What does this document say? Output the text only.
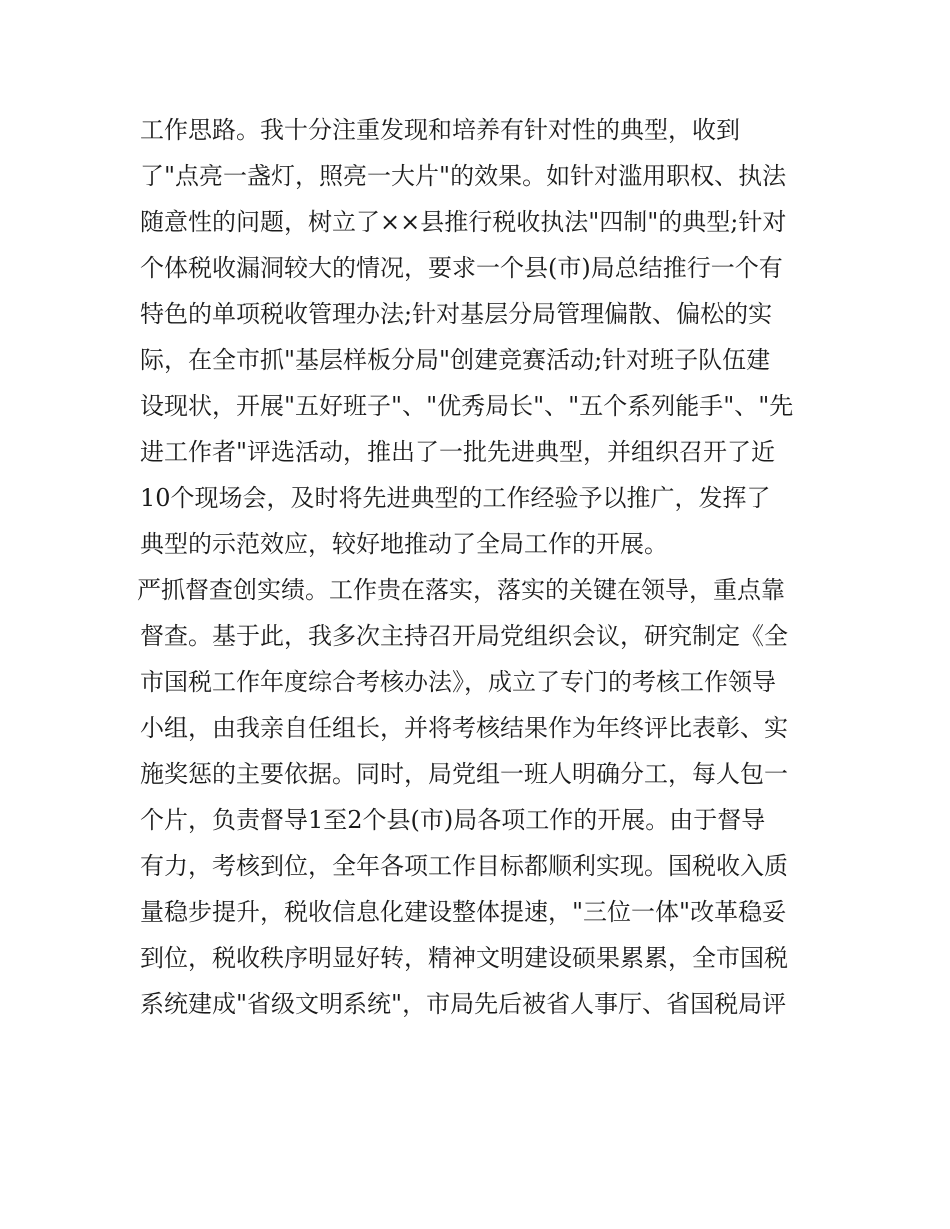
工作思路。我十分注重发现和培养有针对性的典型，收到
了"点亮一盏灯，照亮一大片"的效果。如针对滥用职权、执法
随意性的问题，树立了××县推行税收执法"四制"的典型;针对
个体税收漏洞较大的情况，要求一个县(市)局总结推行一个有
特色的单项税收管理办法;针对基层分局管理偏散、偏松的实
际，在全市抓"基层样板分局"创建竞赛活动;针对班子队伍建
设现状，开展"五好班子"、"优秀局长"、"五个系列能手"、"先
进工作者"评选活动，推出了一批先进典型，并组织召开了近
10个现场会，及时将先进典型的工作经验予以推广，发挥了
典型的示范效应，较好地推动了全局工作的开展。
严抓督查创实绩。工作贵在落实，落实的关键在领导，重点靠
督查。基于此，我多次主持召开局党组织会议，研究制定《全
市国税工作年度综合考核办法》，成立了专门的考核工作领导
小组，由我亲自任组长，并将考核结果作为年终评比表彰、实
施奖惩的主要依据。同时，局党组一班人明确分工，每人包一
个片，负责督导1至2个县(市)局各项工作的开展。由于督导
有力，考核到位，全年各项工作目标都顺利实现。国税收入质
量稳步提升，税收信息化建设整体提速，"三位一体"改革稳妥
到位，税收秩序明显好转，精神文明建设硕果累累，全市国税
系统建成"省级文明系统"，市局先后被省人事厅、省国税局评
